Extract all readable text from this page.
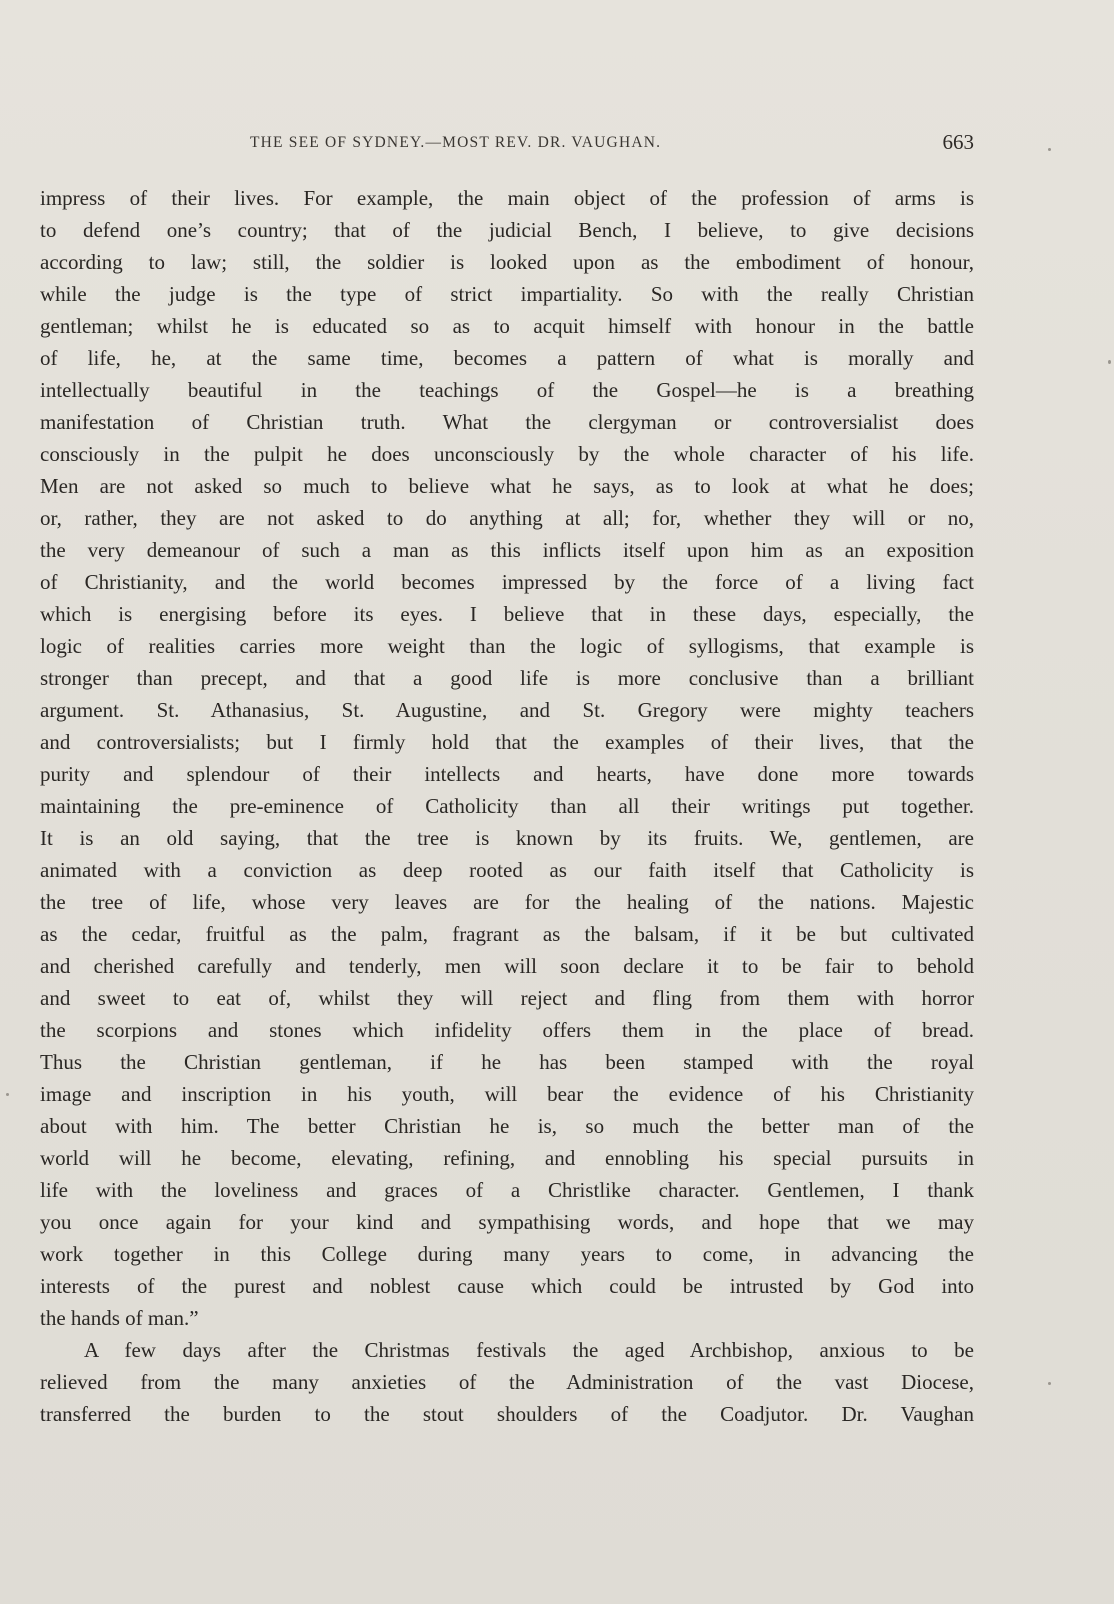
THE SEE OF SYDNEY.—MOST REV. DR. VAUGHAN.	663
impress of their lives. For example, the main object of the profession of arms is
to defend one’s country; that of the judicial Bench, I believe, to give decisions
according to law; still, the soldier is looked upon as the embodiment of honour,
while the judge is the type of strict impartiality. So with the really Christian
gentleman; whilst he is educated so as to acquit himself with honour in the battle
of life, he, at the same time, becomes a pattern of what is morally and
intellectually beautiful in the teachings of the Gospel—he is a breathing
manifestation of Christian truth. What the clergyman or controversialist does
consciously in the pulpit he does unconsciously by the whole character of his life.
Men are not asked so much to believe what he says, as to look at what he does;
or, rather, they are not asked to do anything at all; for, whether they will or no,
the very demeanour of such a man as this inflicts itself upon him as an exposition
of Christianity, and the world becomes impressed by the force of a living fact
which is energising before its eyes. I believe that in these days, especially, the
logic of realities carries more weight than the logic of syllogisms, that example is
stronger than precept, and that a good life is more conclusive than a brilliant
argument. St. Athanasius, St. Augustine, and St. Gregory were mighty teachers
and controversialists; but I firmly hold that the examples of their lives, that the
purity and splendour of their intellects and hearts, have done more towards
maintaining the pre-eminence of Catholicity than all their writings put together.
It is an old saying, that the tree is known by its fruits. We, gentlemen, are
animated with a conviction as deep rooted as our faith itself that Catholicity is
the tree of life, whose very leaves are for the healing of the nations. Majestic
as the cedar, fruitful as the palm, fragrant as the balsam, if it be but cultivated
and cherished carefully and tenderly, men will soon declare it to be fair to behold
and sweet to eat of, whilst they will reject and fling from them with horror
the scorpions and stones which infidelity offers them in the place of bread.
Thus the Christian gentleman, if he has been stamped with the royal
image and inscription in his youth, will bear the evidence of his Christianity
about with him. The better Christian he is, so much the better man of the
world will he become, elevating, refining, and ennobling his special pursuits in
life with the loveliness and graces of a Christlike character. Gentlemen, I thank
you once again for your kind and sympathising words, and hope that we may
work together in this College during many years to come, in advancing the
interests of the purest and noblest cause which could be intrusted by God into
the hands of man.”
A few days after the Christmas festivals the aged Archbishop, anxious to be
relieved from the many anxieties of the Administration of the vast Diocese,
transferred the burden to the stout shoulders of the Coadjutor. Dr. Vaughan
